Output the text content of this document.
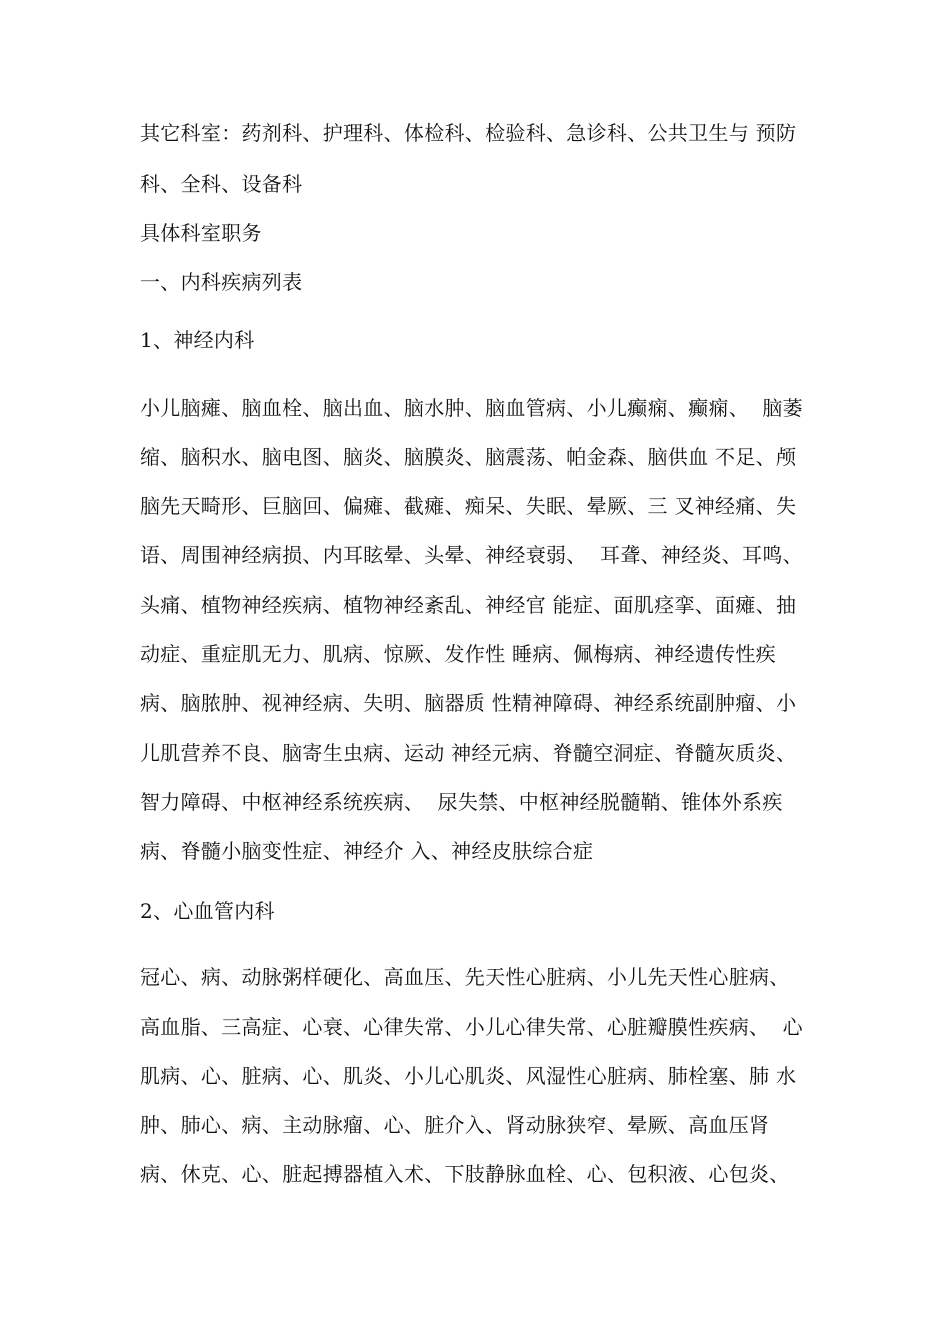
其它科室：药剂科、护理科、体检科、检验科、急诊科、公共卫生与 预防
科、全科、设备科
具体科室职务
一、内科疾病列表
1、神经内科
小儿脑瘫、脑血栓、脑出血、脑水肿、脑血管病、小儿癫痫、癫痫、  脑萎
缩、脑积水、脑电图、脑炎、脑膜炎、脑震荡、帕金森、脑供血 不足、颅
脑先天畸形、巨脑回、偏瘫、截瘫、痴呆、失眠、晕厥、三 叉神经痛、失
语、周围神经病损、内耳眩晕、头晕、神经衰弱、  耳聋、神经炎、耳鸣、
头痛、植物神经疾病、植物神经紊乱、神经官 能症、面肌痉挛、面瘫、抽
动症、重症肌无力、肌病、惊厥、发作性 睡病、佩梅病、神经遗传性疾
病、脑脓肿、视神经病、失明、脑器质 性精神障碍、神经系统副肿瘤、小
儿肌营养不良、脑寄生虫病、运动 神经元病、脊髓空洞症、脊髓灰质炎、
智力障碍、中枢神经系统疾病、  尿失禁、中枢神经脱髓鞘、锥体外系疾
病、脊髓小脑变性症、神经介 入、神经皮肤综合症
2、心血管内科
冠心、病、动脉粥样硬化、高血压、先天性心脏病、小儿先天性心脏病、
高血脂、三高症、心衰、心律失常、小儿心律失常、心脏瓣膜性疾病、  心
肌病、心、脏病、心、肌炎、小儿心肌炎、风湿性心脏病、肺栓塞、肺 水
肿、肺心、病、主动脉瘤、心、脏介入、肾动脉狭窄、晕厥、高血压肾
病、休克、心、脏起搏器植入术、下肢静脉血栓、心、包积液、心包炎、
